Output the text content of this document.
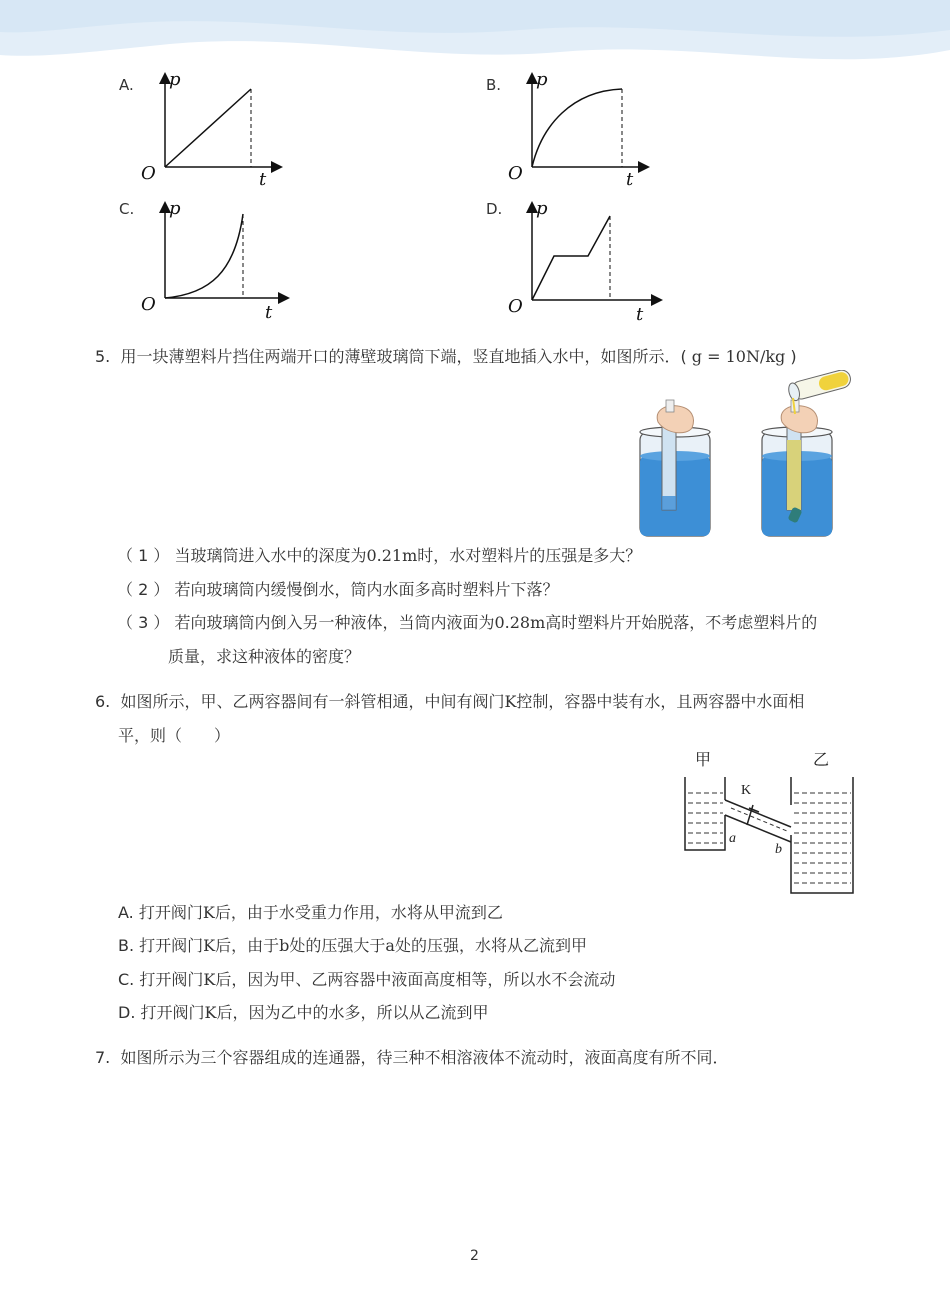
A. p
t
O
B. p
t
O
C. p
t
O
D. p
t
O
5. 用一块薄塑料片挡住两端开口的薄壁玻璃筒下端，竖直地插入水中，如图所示．( g = 10N/kg )
（ 1 ） 当玻璃筒进入水中的深度为0.21m时，水对塑料片的压强是多大？
（ 2 ） 若向玻璃筒内缓慢倒水，筒内水面多高时塑料片下落？
（ 3 ） 若向玻璃筒内倒入另一种液体，当筒内液面为0.28m高时塑料片开始脱落，不考虑塑料片的
质量，求这种液体的密度？
6. 如图所示，甲、乙两容器间有一斜管相通，中间有阀门K控制，容器中装有水，且两容器中水面相
平，则（　　）
甲	乙
K
a
b
A. 打开阀门K后，由于水受重力作用，水将从甲流到乙
B. 打开阀门K后，由于b处的压强大于a处的压强，水将从乙流到甲
C. 打开阀门K后，因为甲、乙两容器中液面高度相等，所以水不会流动
D. 打开阀门K后，因为乙中的水多，所以从乙流到甲
7. 如图所示为三个容器组成的连通器，待三种不相溶液体不流动时，液面高度有所不同．
2
